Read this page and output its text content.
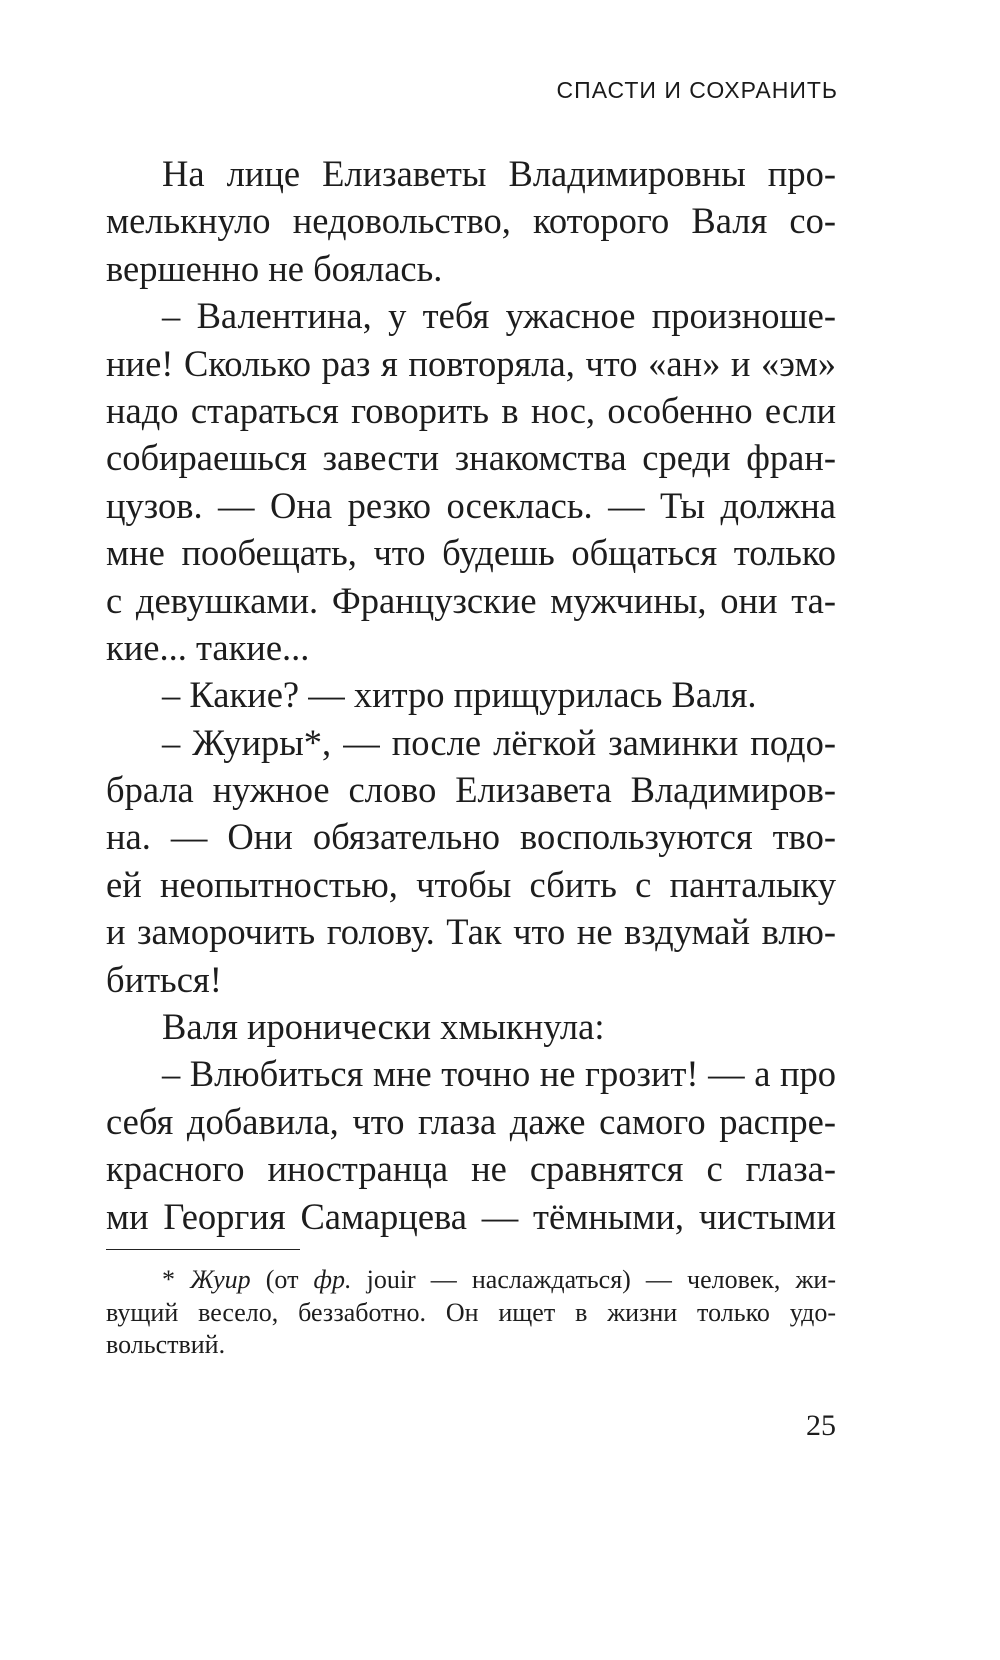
СПАСТИ И СОХРАНИТЬ
На лице Елизаветы Владимировны про-
мелькнуло недовольство, которого Валя со-
вершенно не боялась.
– Валентина, у тебя ужасное произноше-
ние! Сколько раз я повторяла, что «ан» и «эм»
надо стараться говорить в нос, особенно если
собираешься завести знакомства среди фран-
цузов. — Она резко осеклась. — Ты должна
мне пообещать, что будешь общаться только
с девушками. Французские мужчины, они та-
кие... такие...
– Какие? — хитро прищурилась Валя.
– Жуиры*, — после лёгкой заминки подо-
брала нужное слово Елизавета Владимиров-
на. — Они обязательно воспользуются тво-
ей неопытностью, чтобы сбить с панталыку
и заморочить голову. Так что не вздумай влю-
биться!
Валя иронически хмыкнула:
– Влюбиться мне точно не грозит! — а про
себя добавила, что глаза даже самого распре-
красного иностранца не сравнятся с глаза-
ми Георгия Самарцева — тёмными, чистыми
* Жуир (от фр. jouir — наслаждаться) — человек, жи-
вущий весело, беззаботно. Он ищет в жизни только удо-
вольствий.
25
